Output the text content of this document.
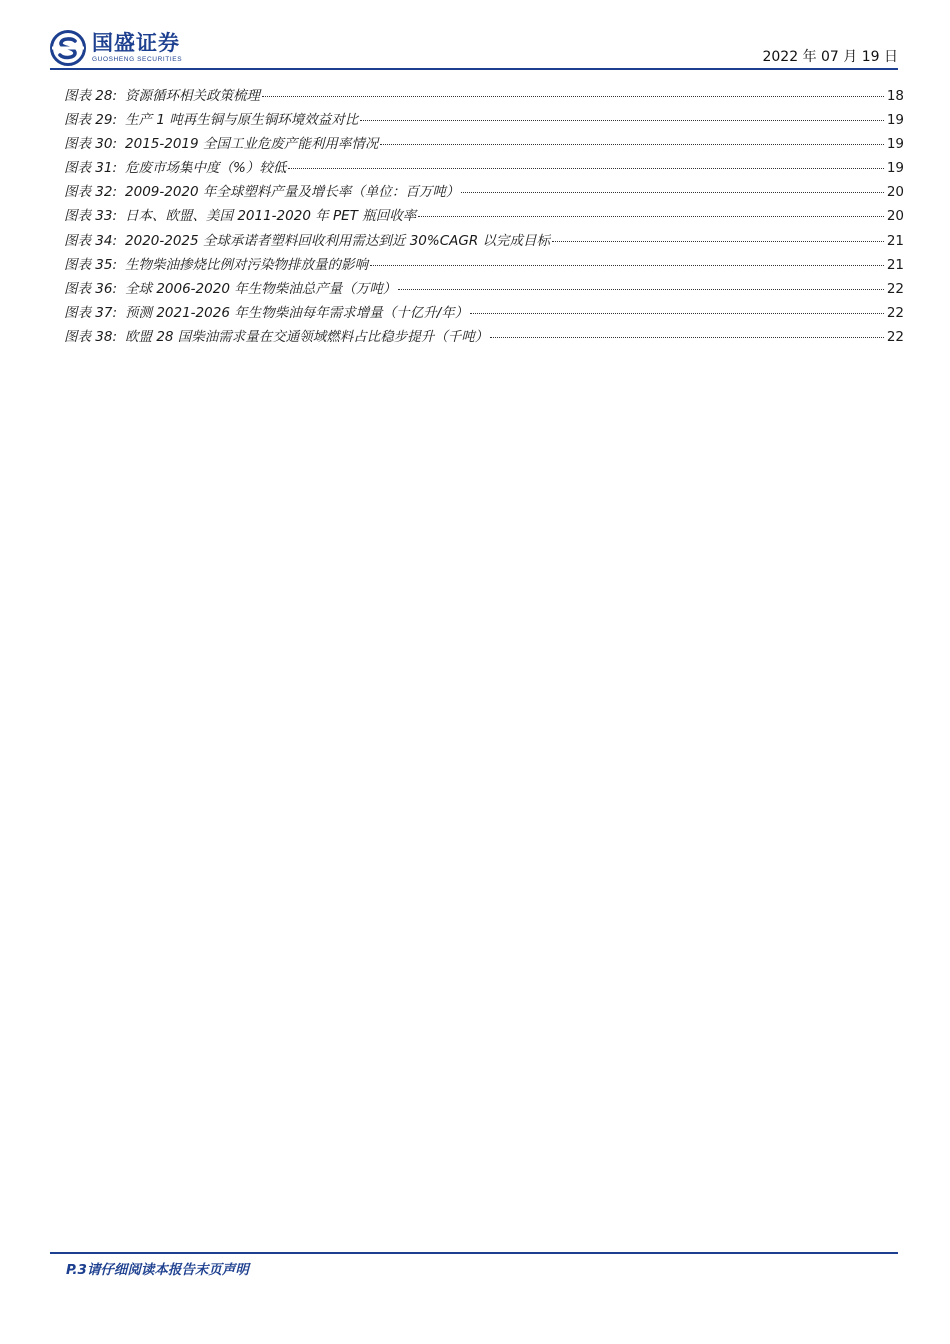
国盛证券
GUOSHENG SECURITIES	2022 年 07 月 19 日
图表 28: 资源循环相关政策梳理	18
图表 29: 生产 1 吨再生铜与原生铜环境效益对比	19
图表 30: 2015-2019 全国工业危废产能利用率情况	19
图表 31: 危废市场集中度（%）较低	19
图表 32: 2009-2020 年全球塑料产量及增长率（单位：百万吨）	20
图表 33: 日本、欧盟、美国 2011-2020 年 PET 瓶回收率	20
图表 34: 2020-2025 全球承诺者塑料回收利用需达到近 30%CAGR 以完成目标	21
图表 35: 生物柴油掺烧比例对污染物排放量的影响	21
图表 36: 全球 2006-2020 年生物柴油总产量（万吨）	22
图表 37: 预测 2021-2026 年生物柴油每年需求增量（十亿升/年）	22
图表 38: 欧盟 28 国柴油需求量在交通领域燃料占比稳步提升（千吨）	22
P.3请仔细阅读本报告末页声明
